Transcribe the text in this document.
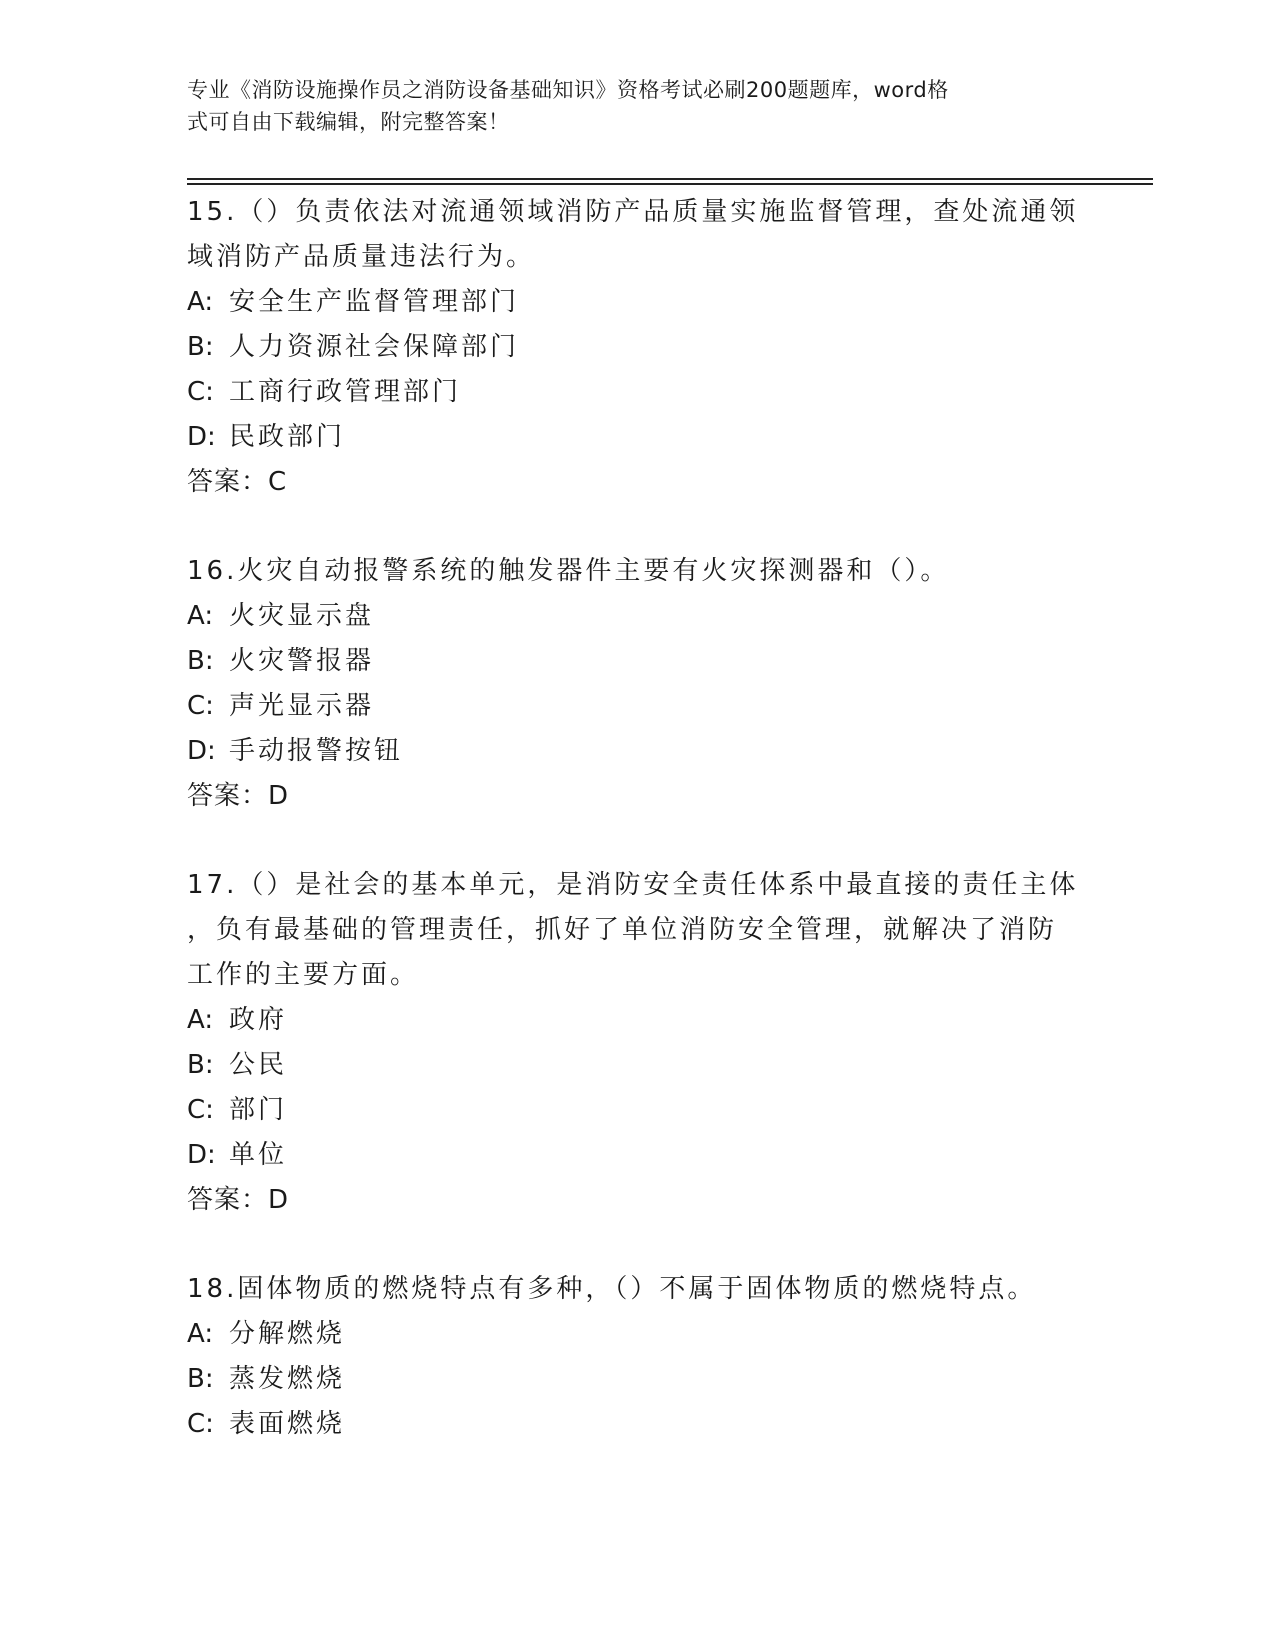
专业《消防设施操作员之消防设备基础知识》资格考试必刷200题题库，word格
式可自由下载编辑，附完整答案！
15.（）负责依法对流通领域消防产品质量实施监督管理，查处流通领
域消防产品质量违法行为。
A: 安全生产监督管理部门
B: 人力资源社会保障部门
C: 工商行政管理部门
D: 民政部门
答案：C
16.火灾自动报警系统的触发器件主要有火灾探测器和（）。
A: 火灾显示盘
B: 火灾警报器
C: 声光显示器
D: 手动报警按钮
答案：D
17.（）是社会的基本单元，是消防安全责任体系中最直接的责任主体
，负有最基础的管理责任，抓好了单位消防安全管理，就解决了消防
工作的主要方面。
A: 政府
B: 公民
C: 部门
D: 单位
答案：D
18.固体物质的燃烧特点有多种，（）不属于固体物质的燃烧特点。
A: 分解燃烧
B: 蒸发燃烧
C: 表面燃烧
